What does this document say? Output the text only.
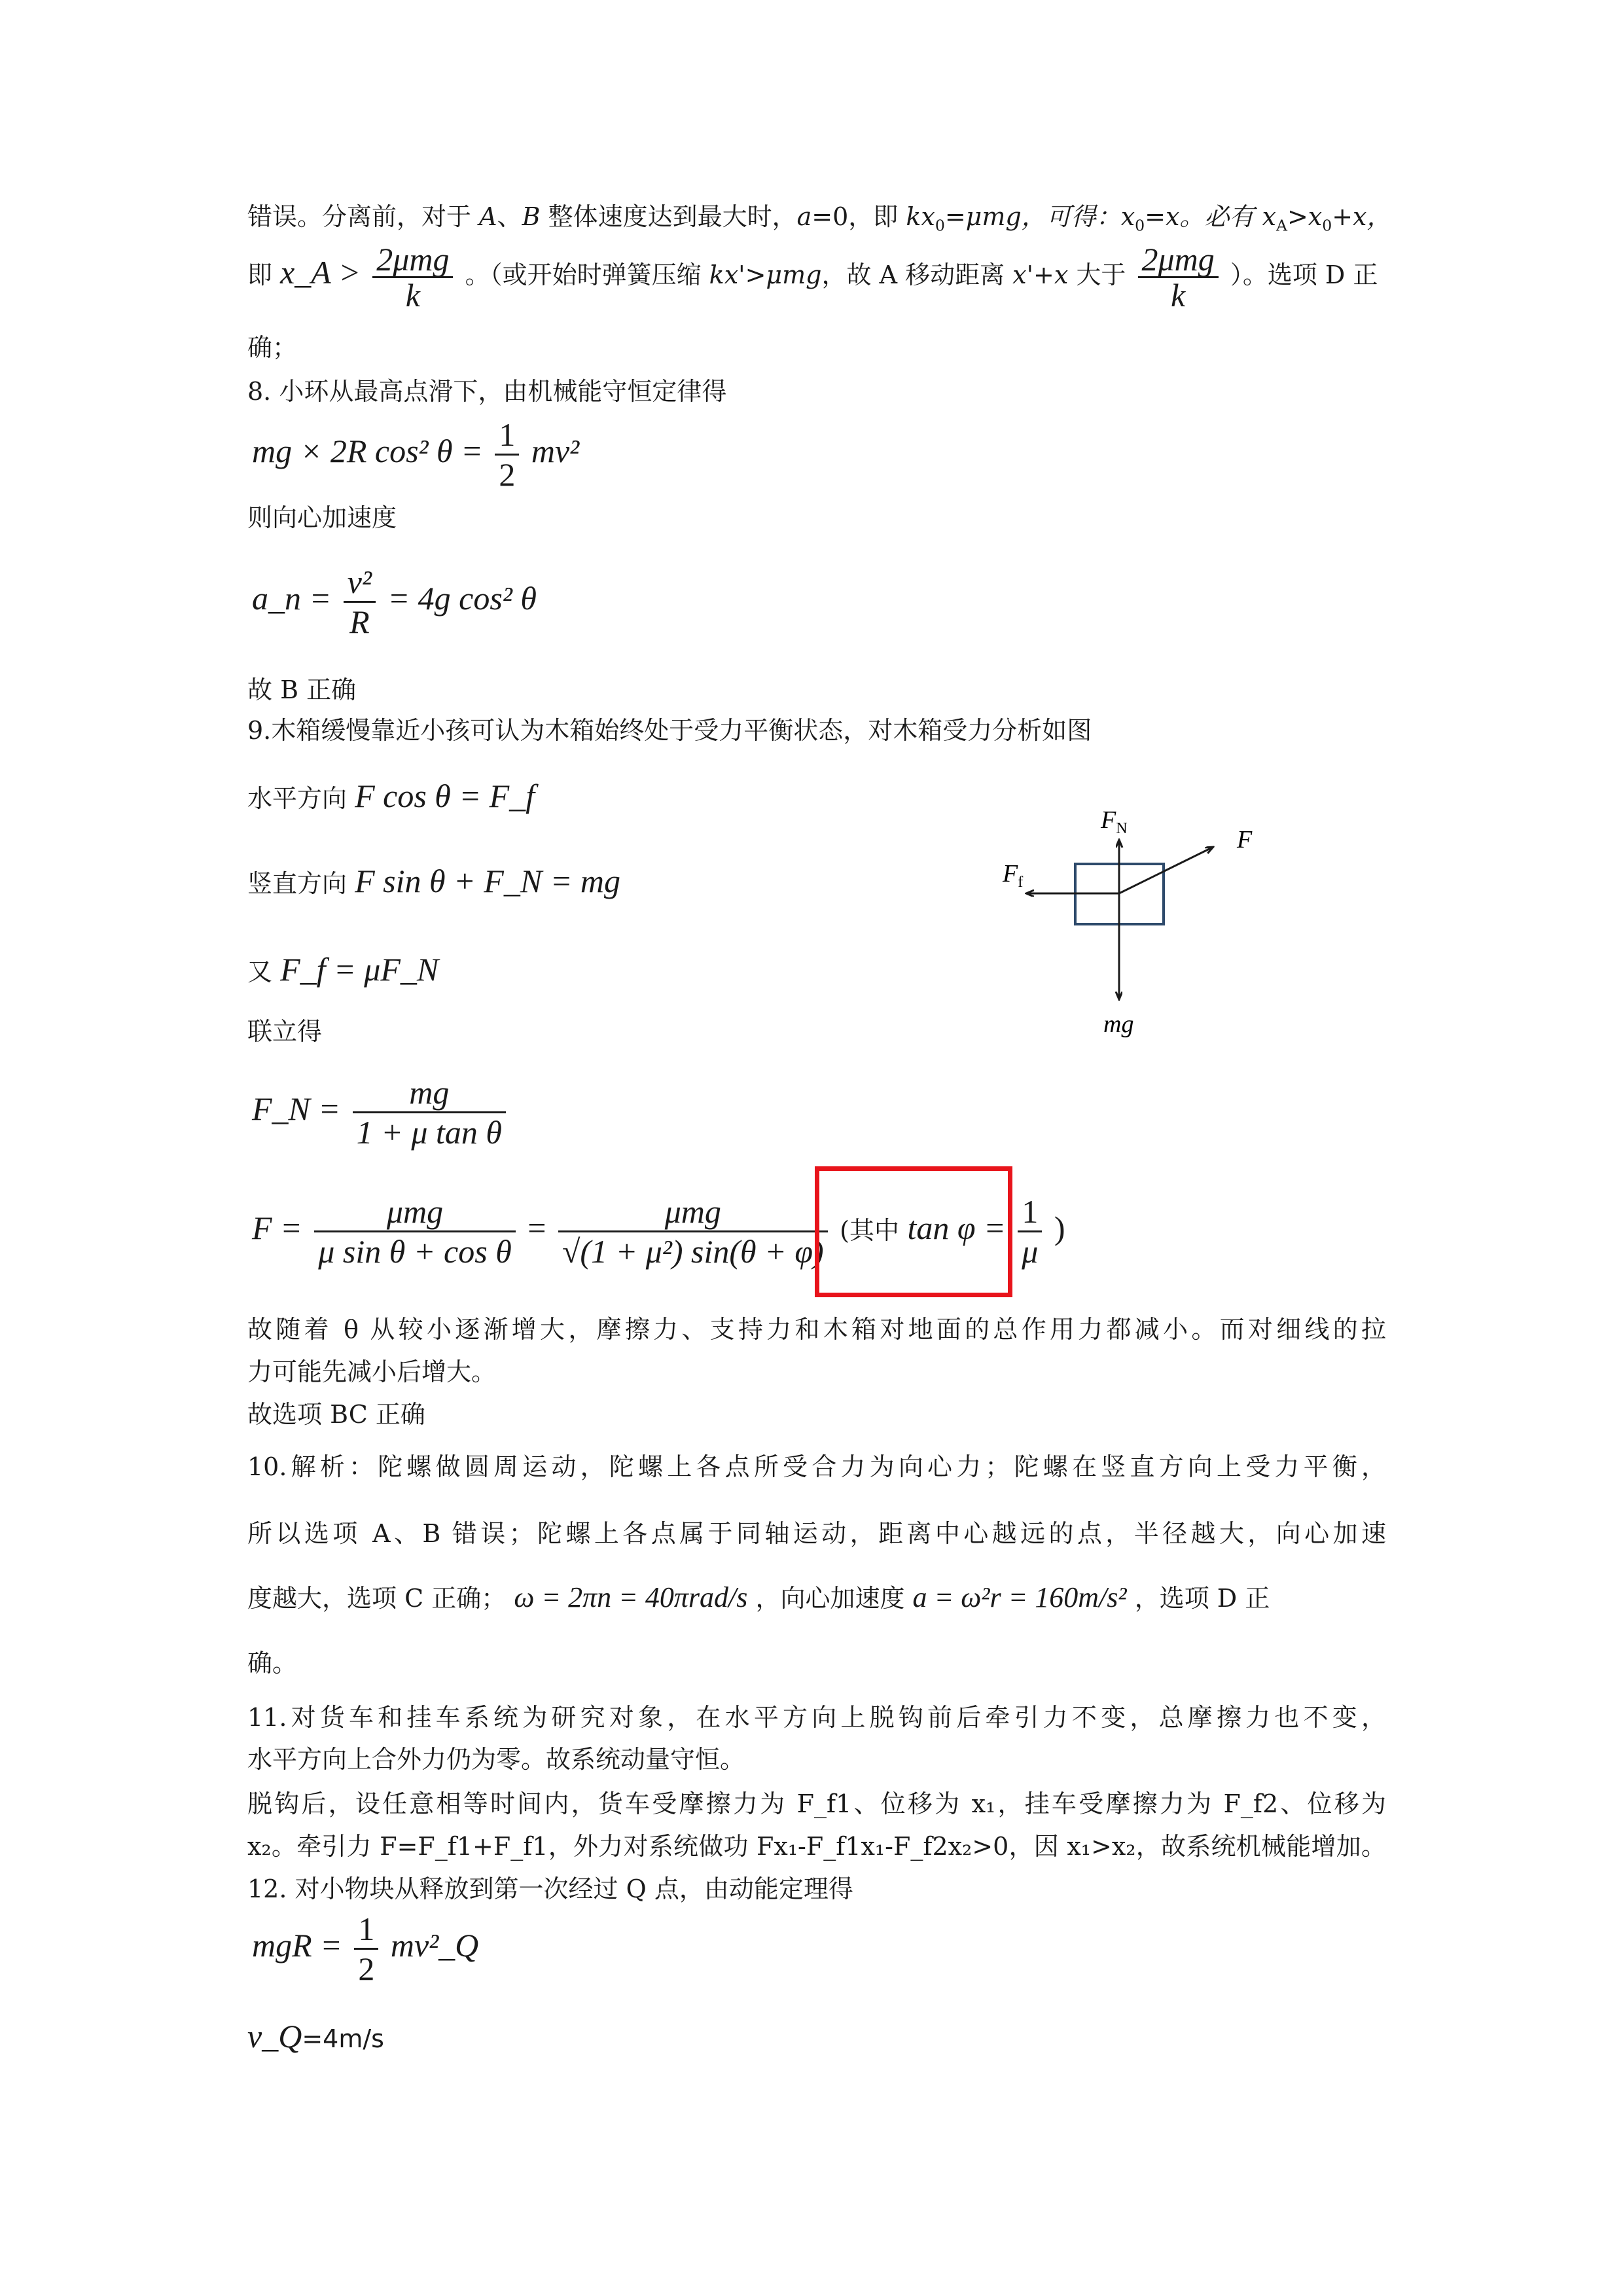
错误。分离前，对于 A、B 整体速度达到最大时，a=0，即 $kx_0=\mu mg$，可得：$x_0=x$。必有 $x_A>x_0+x$，
即 x_A > $\frac{\text{2μmg}}{k}$ 。（或开始时弹簧压缩 kx'>μmg，故 A 移动距离 x'+x 大于 $\frac{\text{2μmg}}{k}$ ）。选项 D 正
确；
8. 小环从最高点滑下，由机械能守恒定律得
mg × 2R cos² $\theta = \frac{1}{2} mv^2$
则向心加速度
a_n = $\frac{\text{v²}}{R} = 4g$ cos² θ
故 B 正确
9.木箱缓慢靠近小孩可认为木箱始终处于受力平衡状态，对木箱受力分析如图
水平方向 F cos θ = F_f
竖直方向 F sin θ + F_N = mg
又 F_f = μF_N
联立得
F_N = $\frac{mg}{\text{1 + μ tan θ}}$
$F = \frac{\text{μmg}}{\text{μ sin θ + cos θ}} = \frac{\text{μmg}}{\text{√(1 + μ²) sin(θ + φ)}}$ (其中 $\tan \varphi = \frac{1}{\mu}$ )
故随着 θ 从较小逐渐增大，摩擦力、支持力和木箱对地面的总作用力都减小。而对细线的拉
力可能先减小后增大。
故选项 BC 正确
10.解析：陀螺做圆周运动，陀螺上各点所受合力为向心力；陀螺在竖直方向上受力平衡，
所以选项 A、B 错误；陀螺上各点属于同轴运动，距离中心越远的点，半径越大，向心加速
度越大，选项 C 正确； ω = 2πn = 40πrad/s ，向心加速度 a = ω²r = 160m/s² ，选项 D 正
确。
11.对货车和挂车系统为研究对象，在水平方向上脱钩前后牵引力不变，总摩擦力也不变，
水平方向上合外力仍为零。故系统动量守恒。
脱钩后，设任意相等时间内，货车受摩擦力为 F_f1、位移为 x₁，挂车受摩擦力为 F_f2、位移为
x₂。牵引力 F=F_f1+F_f1，外力对系统做功 Fx₁-F_f1x₁-F_f2x₂>0，因 x₁>x₂，故系统机械能增加。
12. 对小物块从释放到第一次经过 Q 点，由动能定理得
mgR = $\frac{1}{2}$ mv²_Q
v_Q=4m/s
$F_N$	F
$F_f$
mg
